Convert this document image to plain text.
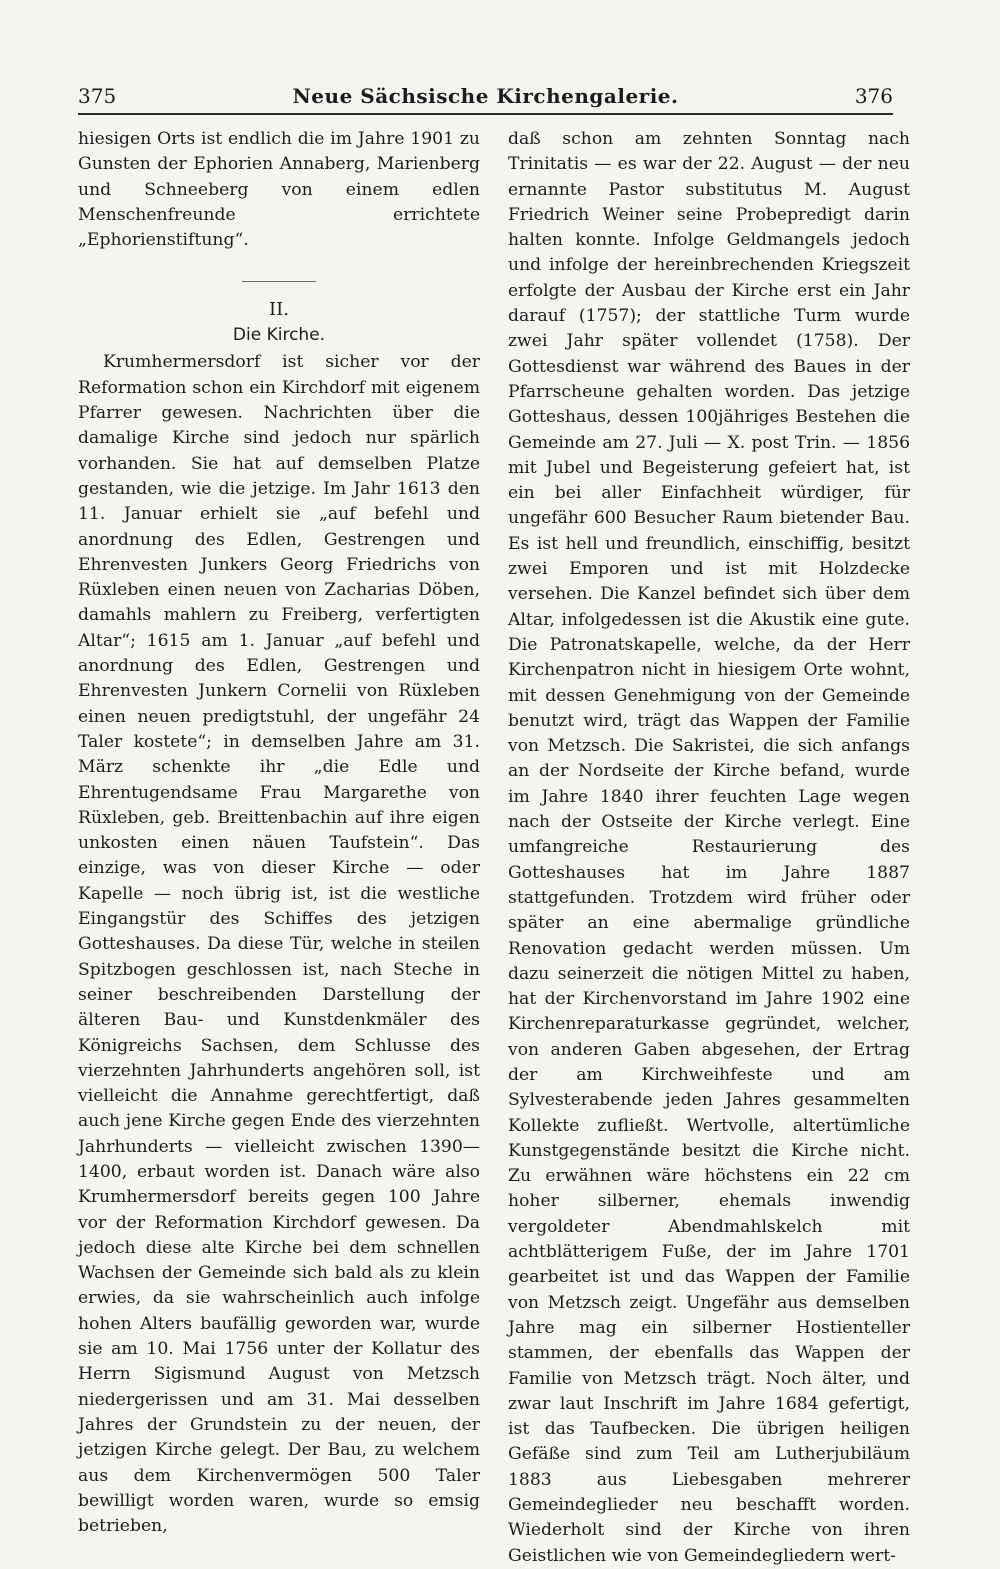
375	Neue Sächsische Kirchengalerie.	376

hiesigen Orts ist endlich die im Jahre 1901 zu Gunsten der Ephorien Annaberg, Marienberg und Schneeberg von einem edlen Menschenfreunde errichtete „Ephorienstiftung“.

II.
Die Kirche.

Krumhermersdorf ist sicher vor der Reformation schon ein Kirchdorf mit eigenem Pfarrer gewesen. Nachrichten über die damalige Kirche sind jedoch nur spärlich vorhanden. Sie hat auf demselben Platze gestanden, wie die jetzige. Im Jahr 1613 den 11. Januar erhielt sie „auf befehl und anordnung des Edlen, Gestrengen und Ehrenvesten Junkers Georg Friedrichs von Rüxleben einen neuen von Zacharias Döben, damahls mahlern zu Freiberg, verfertigten Altar“; 1615 am 1. Januar „auf befehl und anordnung des Edlen, Gestrengen und Ehrenvesten Junkern Cornelii von Rüxleben einen neuen predigtstuhl, der ungefähr 24 Taler kostete“; in demselben Jahre am 31. März schenkte ihr „die Edle und Ehrentugendsame Frau Margarethe von Rüxleben, geb. Breittenbachin auf ihre eigen unkosten einen näuen Taufstein“. Das einzige, was von dieser Kirche — oder Kapelle — noch übrig ist, ist die westliche Eingangstür des Schiffes des jetzigen Gotteshauses. Da diese Tür, welche in steilen Spitzbogen geschlossen ist, nach Steche in seiner beschreibenden Darstellung der älteren Bau- und Kunstdenkmäler des Königreichs Sachsen, dem Schlusse des vierzehnten Jahrhunderts angehören soll, ist vielleicht die Annahme gerechtfertigt, daß auch jene Kirche gegen Ende des vierzehnten Jahrhunderts — vielleicht zwischen 1390—1400, erbaut worden ist. Danach wäre also Krumhermersdorf bereits gegen 100 Jahre vor der Reformation Kirchdorf gewesen. Da jedoch diese alte Kirche bei dem schnellen Wachsen der Gemeinde sich bald als zu klein erwies, da sie wahrscheinlich auch infolge hohen Alters baufällig geworden war, wurde sie am 10. Mai 1756 unter der Kollatur des Herrn Sigismund August von Metzsch niedergerissen und am 31. Mai desselben Jahres der Grundstein zu der neuen, der jetzigen Kirche gelegt. Der Bau, zu welchem aus dem Kirchenvermögen 500 Taler bewilligt worden waren, wurde so emsig betrieben,

daß schon am zehnten Sonntag nach Trinitatis — es war der 22. August — der neu ernannte Pastor substitutus M. August Friedrich Weiner seine Probepredigt darin halten konnte. Infolge Geldmangels jedoch und infolge der hereinbrechenden Kriegszeit erfolgte der Ausbau der Kirche erst ein Jahr darauf (1757); der stattliche Turm wurde zwei Jahr später vollendet (1758). Der Gottesdienst war während des Baues in der Pfarrscheune gehalten worden. Das jetzige Gotteshaus, dessen 100jähriges Bestehen die Gemeinde am 27. Juli — X. post Trin. — 1856 mit Jubel und Begeisterung gefeiert hat, ist ein bei aller Einfachheit würdiger, für ungefähr 600 Besucher Raum bietender Bau. Es ist hell und freundlich, einschiffig, besitzt zwei Emporen und ist mit Holzdecke versehen. Die Kanzel befindet sich über dem Altar, infolgedessen ist die Akustik eine gute. Die Patronatskapelle, welche, da der Herr Kirchenpatron nicht in hiesigem Orte wohnt, mit dessen Genehmigung von der Gemeinde benutzt wird, trägt das Wappen der Familie von Metzsch. Die Sakristei, die sich anfangs an der Nordseite der Kirche befand, wurde im Jahre 1840 ihrer feuchten Lage wegen nach der Ostseite der Kirche verlegt. Eine umfangreiche Restaurierung des Gotteshauses hat im Jahre 1887 stattgefunden. Trotzdem wird früher oder später an eine abermalige gründliche Renovation gedacht werden müssen. Um dazu seinerzeit die nötigen Mittel zu haben, hat der Kirchenvorstand im Jahre 1902 eine Kirchenreparaturkasse gegründet, welcher, von anderen Gaben abgesehen, der Ertrag der am Kirchweihfeste und am Sylvesterabende jeden Jahres gesammelten Kollekte zufließt. Wertvolle, altertümliche Kunstgegenstände besitzt die Kirche nicht. Zu erwähnen wäre höchstens ein 22 cm hoher silberner, ehemals inwendig vergoldeter Abendmahlskelch mit achtblätterigem Fuße, der im Jahre 1701 gearbeitet ist und das Wappen der Familie von Metzsch zeigt. Ungefähr aus demselben Jahre mag ein silberner Hostienteller stammen, der ebenfalls das Wappen der Familie von Metzsch trägt. Noch älter, und zwar laut Inschrift im Jahre 1684 gefertigt, ist das Taufbecken. Die übrigen heiligen Gefäße sind zum Teil am Lutherjubiläum 1883 aus Liebesgaben mehrerer Gemeindeglieder neu beschafft worden. Wiederholt sind der Kirche von ihren Geistlichen wie von Gemeindegliedern wert-
